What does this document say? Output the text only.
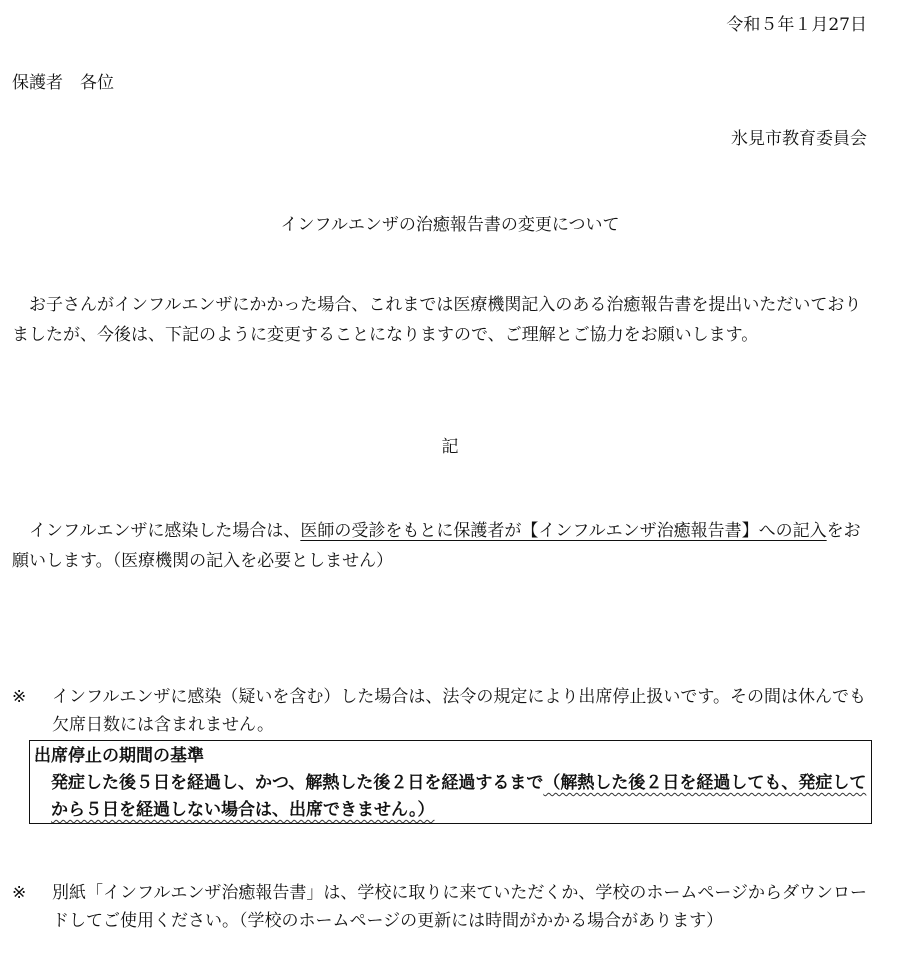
令和５年１月27日

保護者　各位

氷見市教育委員会

インフルエンザの治癒報告書の変更について

　お子さんがインフルエンザにかかった場合、これまでは医療機関記入のある治癒報告書を提出いただいておりましたが、今後は、下記のように変更することになりますので、ご理解とご協力をお願いします。

記

　インフルエンザに感染した場合は、医師の受診をもとに保護者が【インフルエンザ治癒報告書】への記入をお願いします。（医療機関の記入を必要としません）

※	インフルエンザに感染（疑いを含む）した場合は、法令の規定により出席停止扱いです。その間は休んでも欠席日数には含まれません。
出席停止の期間の基準
発症した後５日を経過し、かつ、解熱した後２日を経過するまで（解熱した後２日を経過しても、発症してから５日を経過しない場合は、出席できません。）
※	別紙「インフルエンザ治癒報告書」は、学校に取りに来ていただくか、学校のホームページからダウンロードしてご使用ください。（学校のホームページの更新には時間がかかる場合があります）
